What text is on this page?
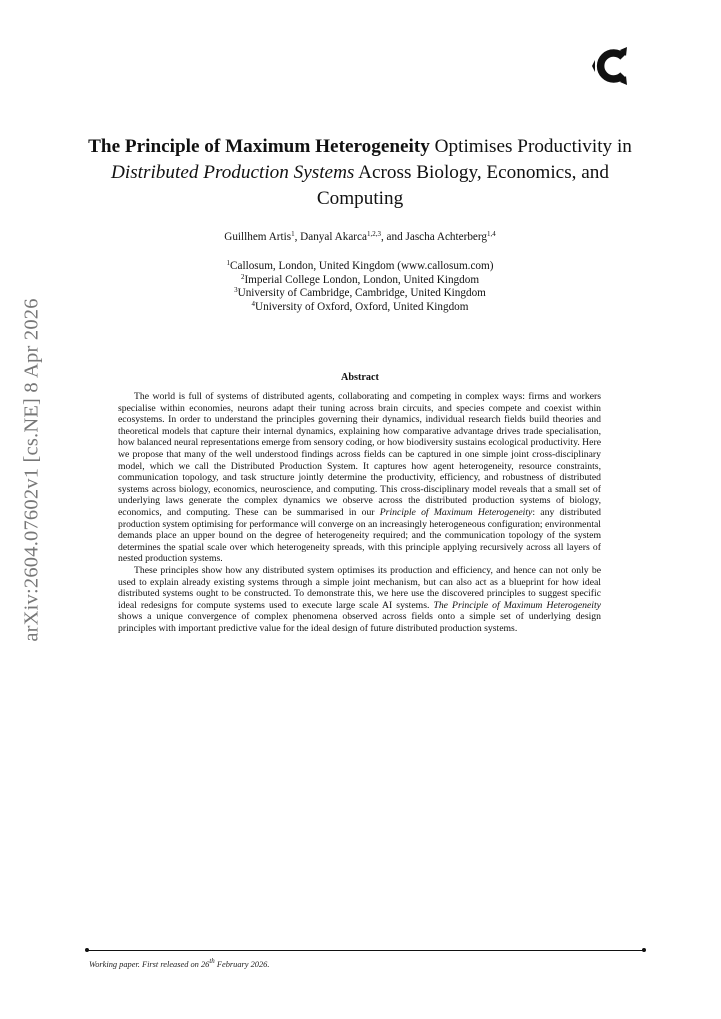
arXiv:2604.07602v1 [cs.NE] 8 Apr 2026
The Principle of Maximum Heterogeneity Optimises Productivity in Distributed Production Systems Across Biology, Economics, and Computing
Guillhem Artis$^1$, Danyal Akarca$^{1,2,3}$, and Jascha Achterberg$^{1,4}$
$^1$Callosum, London, United Kingdom (www.callosum.com)
$^2$Imperial College London, London, United Kingdom
$^3$University of Cambridge, Cambridge, United Kingdom
$^4$University of Oxford, Oxford, United Kingdom
Abstract

The world is full of systems of distributed agents, collaborating and competing in complex ways: firms and workers specialise within economies, neurons adapt their tuning across brain circuits, and species compete and coexist within ecosystems. In order to understand the principles governing their dynamics, individual research fields build theories and theoretical models that capture their internal dynamics, explaining how comparative advantage drives trade specialisation, how balanced neural representations emerge from sensory coding, or how biodiversity sustains ecological productivity. Here we propose that many of the well understood findings across fields can be captured in one simple joint cross-disciplinary model, which we call the Distributed Production System. It captures how agent heterogeneity, resource constraints, communication topology, and task structure jointly determine the productivity, efficiency, and robustness of distributed systems across biology, economics, neuroscience, and computing. This cross-disciplinary model reveals that a small set of underlying laws generate the complex dynamics we observe across the distributed production systems of biology, economics, and computing. These can be summarised in our Principle of Maximum Heterogeneity: any distributed production system optimising for performance will converge on an increasingly heterogeneous configuration; environmental demands place an upper bound on the degree of heterogeneity required; and the communication topology of the system determines the spatial scale over which heterogeneity spreads, with this principle applying recursively across all layers of nested production systems.

These principles show how any distributed system optimises its production and efficiency, and hence can not only be used to explain already existing systems through a simple joint mechanism, but can also act as a blueprint for how ideal distributed systems ought to be constructed. To demonstrate this, we here use the discovered principles to suggest specific ideal redesigns for compute systems used to execute large scale AI systems. The Principle of Maximum Heterogeneity shows a unique convergence of complex phenomena observed across fields onto a simple set of underlying design principles with important predictive value for the ideal design of future distributed production systems.

Working paper. First released on 26th February 2026.
